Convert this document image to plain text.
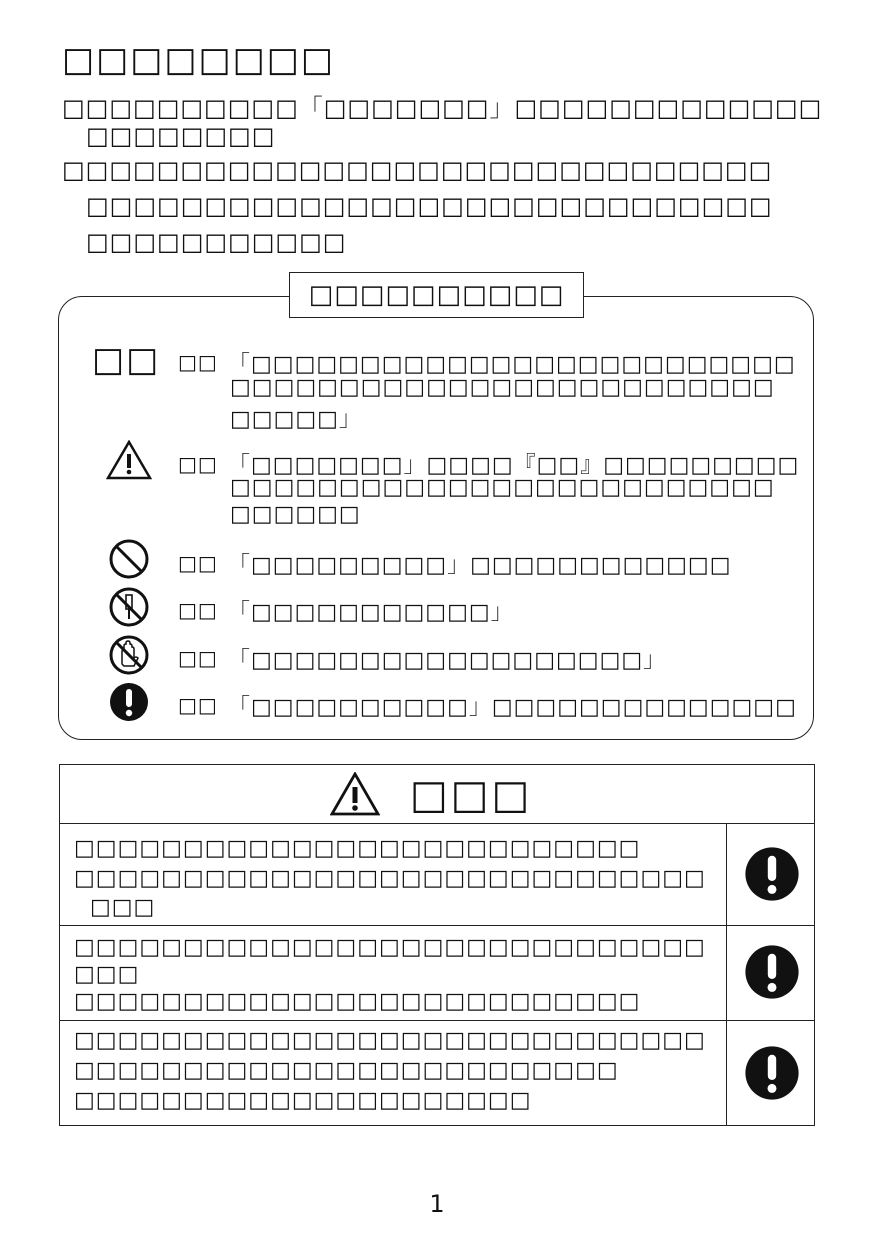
□□□□□□□□
□□□□□□□□□□「□□□□□□□」□□□□□□□□□□□□□
□□□□□□□□
□□□□□□□□□□□□□□□□□□□□□□□□□□□□□□
□□□□□□□□□□□□□□□□□□□□□□□□□□□□□
□□□□□□□□□□□
□□□□□□□□□□
□□ □□ 「□□□□□□□□□□□□□□□□□□□□□□□□□
□□□□□□□□□□□□□□□□□□□□□□□□□
□□□□□」
□□ 「□□□□□□□」□□□□『□□』□□□□□□□□□
□□□□□□□□□□□□□□□□□□□□□□□□□
□□□□□□
□□ 「□□□□□□□□□」□□□□□□□□□□□□
□□ 「□□□□□□□□□□□」
□□ 「□□□□□□□□□□□□□□□□□□」
□□ 「□□□□□□□□□□」□□□□□□□□□□□□□□
□□□
□□□□□□□□□□□□□□□□□□□□□□□□□□
□□□□□□□□□□□□□□□□□□□□□□□□□□□□□
□□□
□□□□□□□□□□□□□□□□□□□□□□□□□□□□□
□□□
□□□□□□□□□□□□□□□□□□□□□□□□□□
□□□□□□□□□□□□□□□□□□□□□□□□□□□□□
□□□□□□□□□□□□□□□□□□□□□□□□□
□□□□□□□□□□□□□□□□□□□□□
1
